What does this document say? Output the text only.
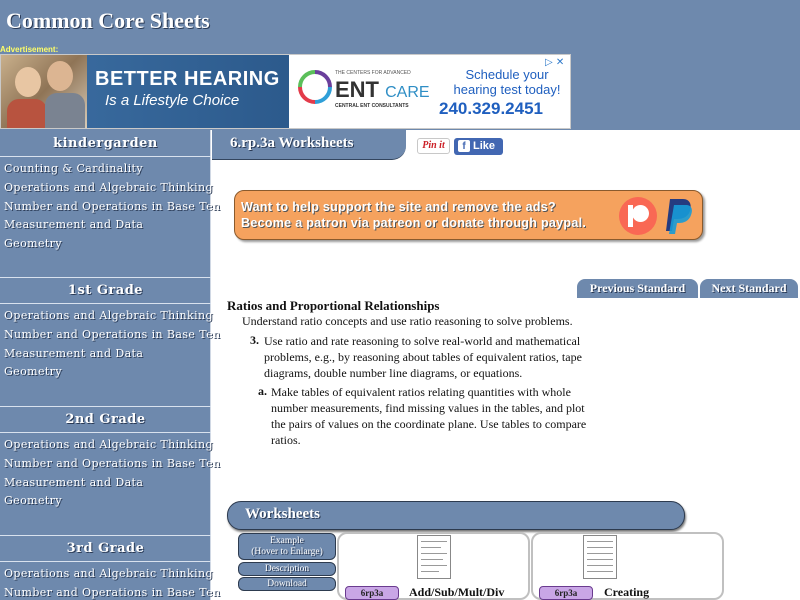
Common Core Sheets
Advertisement:
BETTER HEARING
Is a Lifestyle Choice
THE CENTERS FOR ADVANCED
ENT CARE
CENTRAL ENT CONSULTANTS
Schedule your
hearing test today!
240.329.2451
▷ ✕
kindergarden
Counting & Cardinality
Operations and Algebraic Thinking
Number and Operations in Base Ten
Measurement and Data
Geometry
1st Grade
Operations and Algebraic Thinking
Number and Operations in Base Ten
Measurement and Data
Geometry
2nd Grade
Operations and Algebraic Thinking
Number and Operations in Base Ten
Measurement and Data
Geometry
3rd Grade
Operations and Algebraic Thinking
Number and Operations in Base Ten
6.rp.3a Worksheets	Pin it	f Like
Want to help support the site and remove the ads?
Become a patron via patreon or donate through paypal.
Previous Standard	Next Standard
Ratios and Proportional Relationships
Understand ratio concepts and use ratio reasoning to solve problems.
3. Use ratio and rate reasoning to solve real-world and mathematical problems, e.g., by reasoning about tables of equivalent ratios, tape diagrams, double number line diagrams, or equations.
a. Make tables of equivalent ratios relating quantities with whole number measurements, find missing values in the tables, and plot the pairs of values on the coordinate plane. Use tables to compare ratios.
Worksheets
Example
(Hover to Enlarge)
Description
Download
6rp3a	Add/Sub/Mult/Div	6rp3a	Creating
